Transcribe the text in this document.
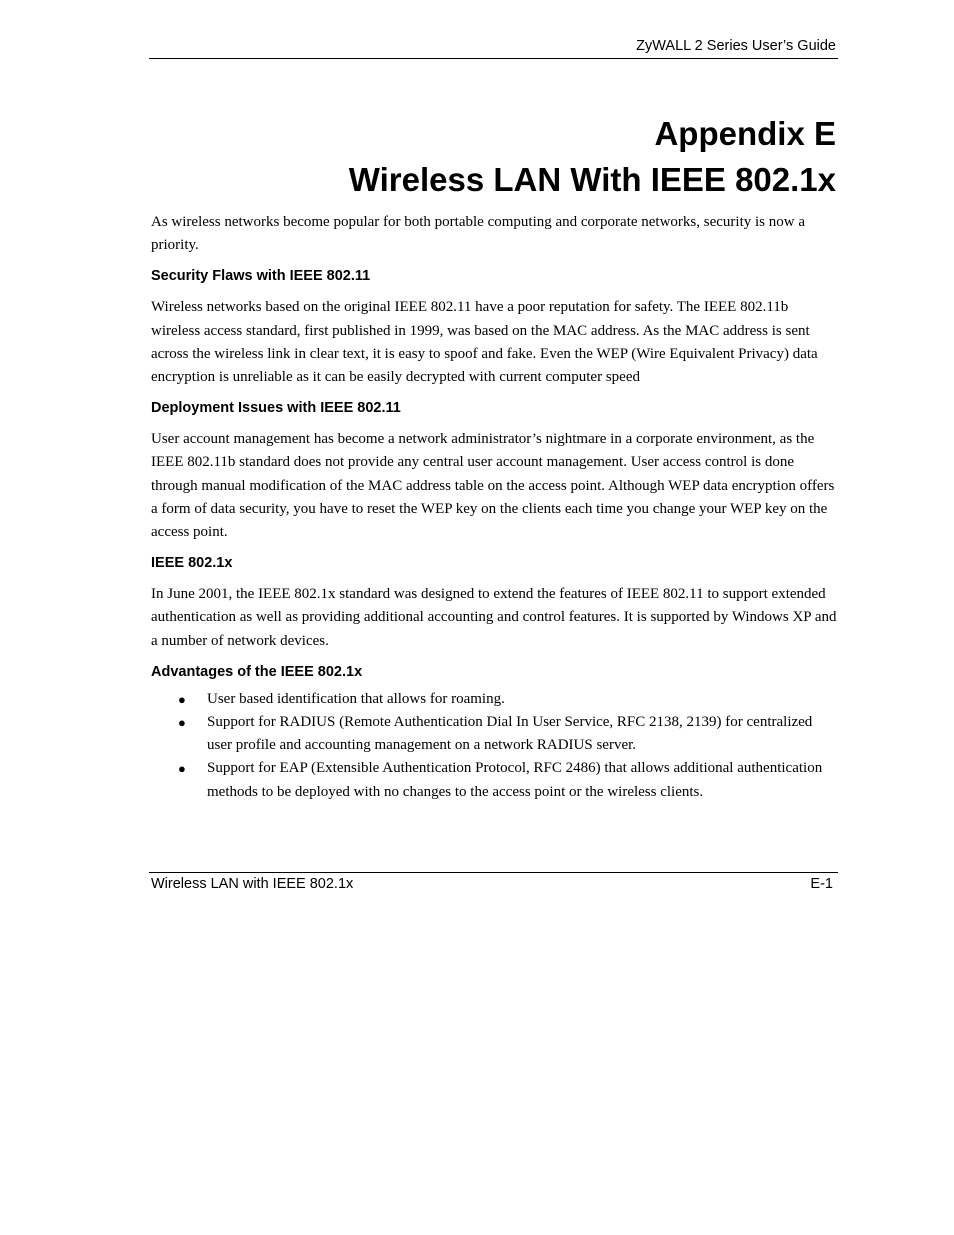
ZyWALL 2 Series User’s Guide
Appendix E
Wireless LAN With IEEE 802.1x

As wireless networks become popular for both portable computing and corporate networks, security is now a priority.

Security Flaws with IEEE 802.11

Wireless networks based on the original IEEE 802.11 have a poor reputation for safety. The IEEE 802.11b wireless access standard, first published in 1999, was based on the MAC address. As the MAC address is sent across the wireless link in clear text, it is easy to spoof and fake. Even the WEP (Wire Equivalent Privacy) data encryption is unreliable as it can be easily decrypted with current computer speed

Deployment Issues with IEEE 802.11

User account management has become a network administrator’s nightmare in a corporate environment, as the IEEE 802.11b standard does not provide any central user account management. User access control is done through manual modification of the MAC address table on the access point. Although WEP data encryption offers a form of data security, you have to reset the WEP key on the clients each time you change your WEP key on the access point.

IEEE 802.1x

In June 2001, the IEEE 802.1x standard was designed to extend the features of IEEE 802.11 to support extended authentication as well as providing additional accounting and control features. It is supported by Windows XP and a number of network devices.

Advantages of the IEEE 802.1x
● User based identification that allows for roaming.
● Support for RADIUS (Remote Authentication Dial In User Service, RFC 2138, 2139) for centralized user profile and accounting management on a network RADIUS server.
● Support for EAP (Extensible Authentication Protocol, RFC 2486) that allows additional authentication methods to be deployed with no changes to the access point or the wireless clients.
Wireless LAN with IEEE 802.1x	E-1
